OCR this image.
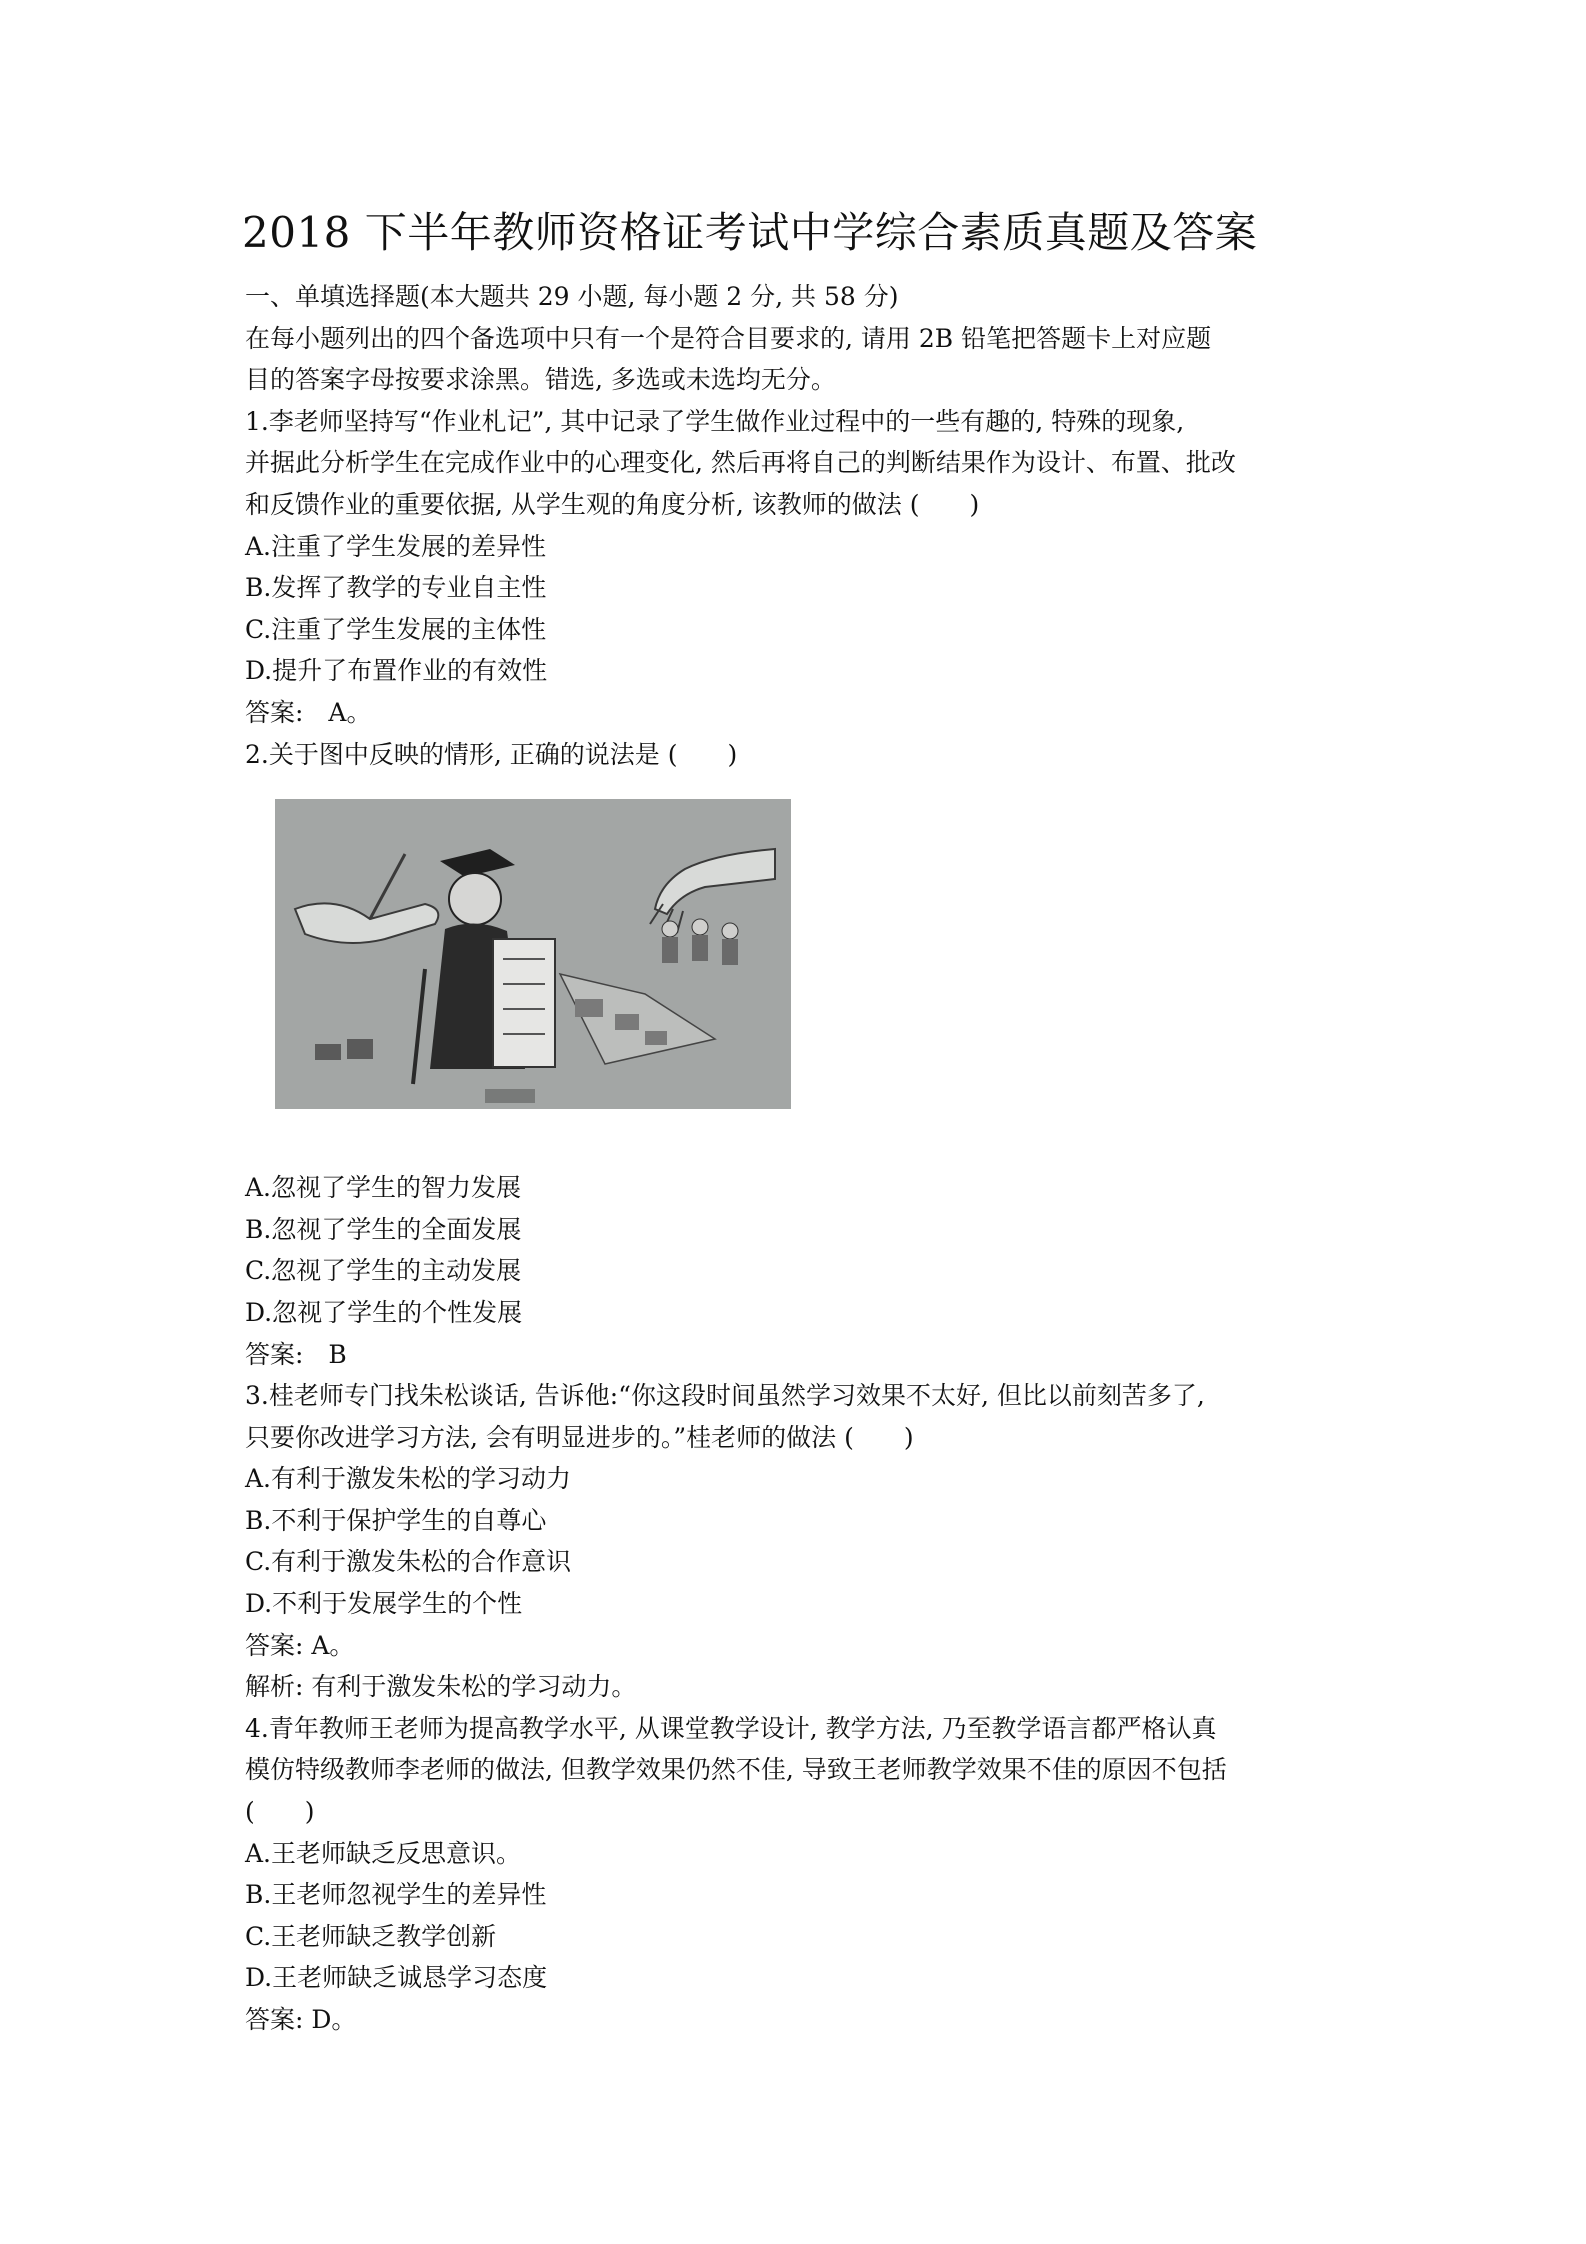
2018 下半年教师资格证考试中学综合素质真题及答案
一、单填选择题(本大题共 29 小题, 每小题 2 分, 共 58 分)
在每小题列出的四个备选项中只有一个是符合目要求的, 请用 2B 铅笔把答题卡上对应题
目的答案字母按要求涂黑。错选, 多选或未选均无分。
1.李老师坚持写“作业札记”, 其中记录了学生做作业过程中的一些有趣的, 特殊的现象,
并据此分析学生在完成作业中的心理变化, 然后再将自己的判断结果作为设计、布置、批改
和反馈作业的重要依据, 从学生观的角度分析, 该教师的做法 (　　)
A.注重了学生发展的差异性
B.发挥了教学的专业自主性
C.注重了学生发展的主体性
D.提升了布置作业的有效性
答案:　A。
2.关于图中反映的情形, 正确的说法是 (　　)
A.忽视了学生的智力发展
B.忽视了学生的全面发展
C.忽视了学生的主动发展
D.忽视了学生的个性发展
答案:　B
3.桂老师专门找朱松谈话, 告诉他:“你这段时间虽然学习效果不太好, 但比以前刻苦多了,
只要你改进学习方法, 会有明显进步的。”桂老师的做法 (　　)
A.有利于激发朱松的学习动力
B.不利于保护学生的自尊心
C.有利于激发朱松的合作意识
D.不利于发展学生的个性
答案: A。
解析: 有利于激发朱松的学习动力。
4.青年教师王老师为提高教学水平, 从课堂教学设计, 教学方法, 乃至教学语言都严格认真
模仿特级教师李老师的做法, 但教学效果仍然不佳, 导致王老师教学效果不佳的原因不包括
(　　)
A.王老师缺乏反思意识。
B.王老师忽视学生的差异性
C.王老师缺乏教学创新
D.王老师缺乏诚恳学习态度
答案: D。
